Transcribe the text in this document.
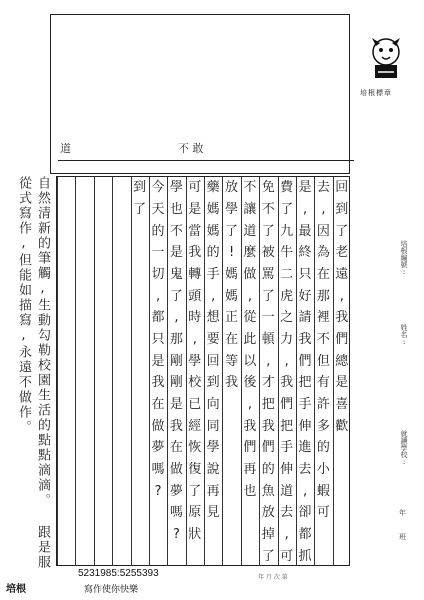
道	不 敢
培根標章
回
到
了
老
遠
,
我
們
總
是
喜
歡
去
,
因
為
在
那
裡
不
但
有
許
多
的
小
蝦
可
是
,
最
終
只
好
請
我
們
把
手
伸
進
去
,
卻
都
抓
費
了
九
牛
二
虎
之
力
,
我
們
把
手
伸
道
去
,
可
免
不
了
被
罵
了
一
頓
,
才
把
我
們
的
魚
放
掉
了
不
讓
道
麼
做
,
從
此
以
後
,
我
們
再
也
放
學
了
!
媽
媽
正
在
等
我
藥
媽
媽
的
手
,
想
要
回
到
向
同
學
說
再
見
可
是
當
我
轉
頭
時
,
學
校
已
經
恢
復
了
原
狀
學
也
不
是
鬼
了
,
那
剛
剛
是
我
在
做
夢
嗎
?
今
天
的
一
切
,
都
只
是
我
在
做
夢
嗎
?
到
了
培根編號:
姓名:
就讀學校:
年
班
自然清新的筆觸,生動勾勒校園生活的點點滴滴。 跟是服從式寫作,但能如描寫,永遠不做作。
培根
5231985:5255393
寫作使你快樂
年 月 次 第
